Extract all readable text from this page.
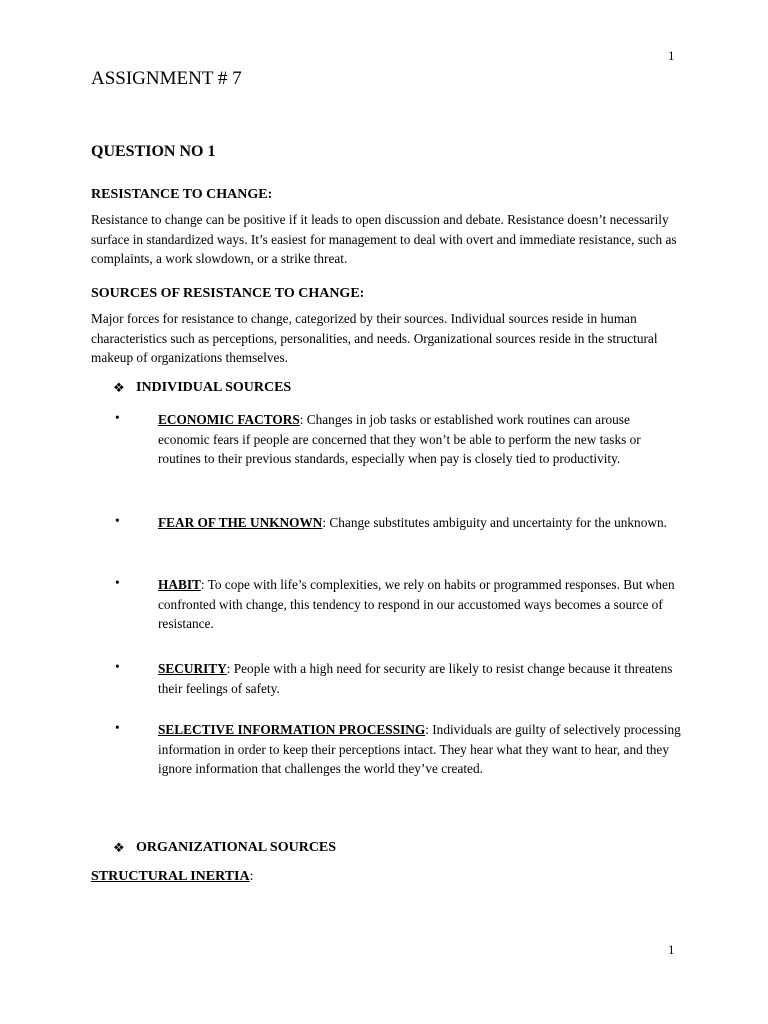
1
1
ASSIGNMENT # 7
QUESTION NO 1
RESISTANCE TO CHANGE:
Resistance to change can be positive if it leads to open discussion and debate. Resistance doesn’t necessarily surface in standardized ways. It’s easiest for management to deal with overt and immediate resistance, such as complaints, a work slowdown, or a strike threat.
SOURCES OF RESISTANCE TO CHANGE:
Major forces for resistance to change, categorized by their sources. Individual sources reside in human characteristics such as perceptions, personalities, and needs. Organizational sources reside in the structural makeup of organizations themselves.
❖ INDIVIDUAL SOURCES
•	ECONOMIC FACTORS: Changes in job tasks or established work routines can arouse economic fears if people are concerned that they won’t be able to perform the new tasks or routines to their previous standards, especially when pay is closely tied to productivity.
•	FEAR OF THE UNKNOWN: Change substitutes ambiguity and uncertainty for the unknown.
•	HABIT: To cope with life’s complexities, we rely on habits or programmed responses. But when confronted with change, this tendency to respond in our accustomed ways becomes a source of resistance.
•	SECURITY: People with a high need for security are likely to resist change because it threatens their feelings of safety.
•	SELECTIVE INFORMATION PROCESSING: Individuals are guilty of selectively processing information in order to keep their perceptions intact. They hear what they want to hear, and they ignore information that challenges the world they’ve created.
❖ ORGANIZATIONAL SOURCES
STRUCTURAL INERTIA:
